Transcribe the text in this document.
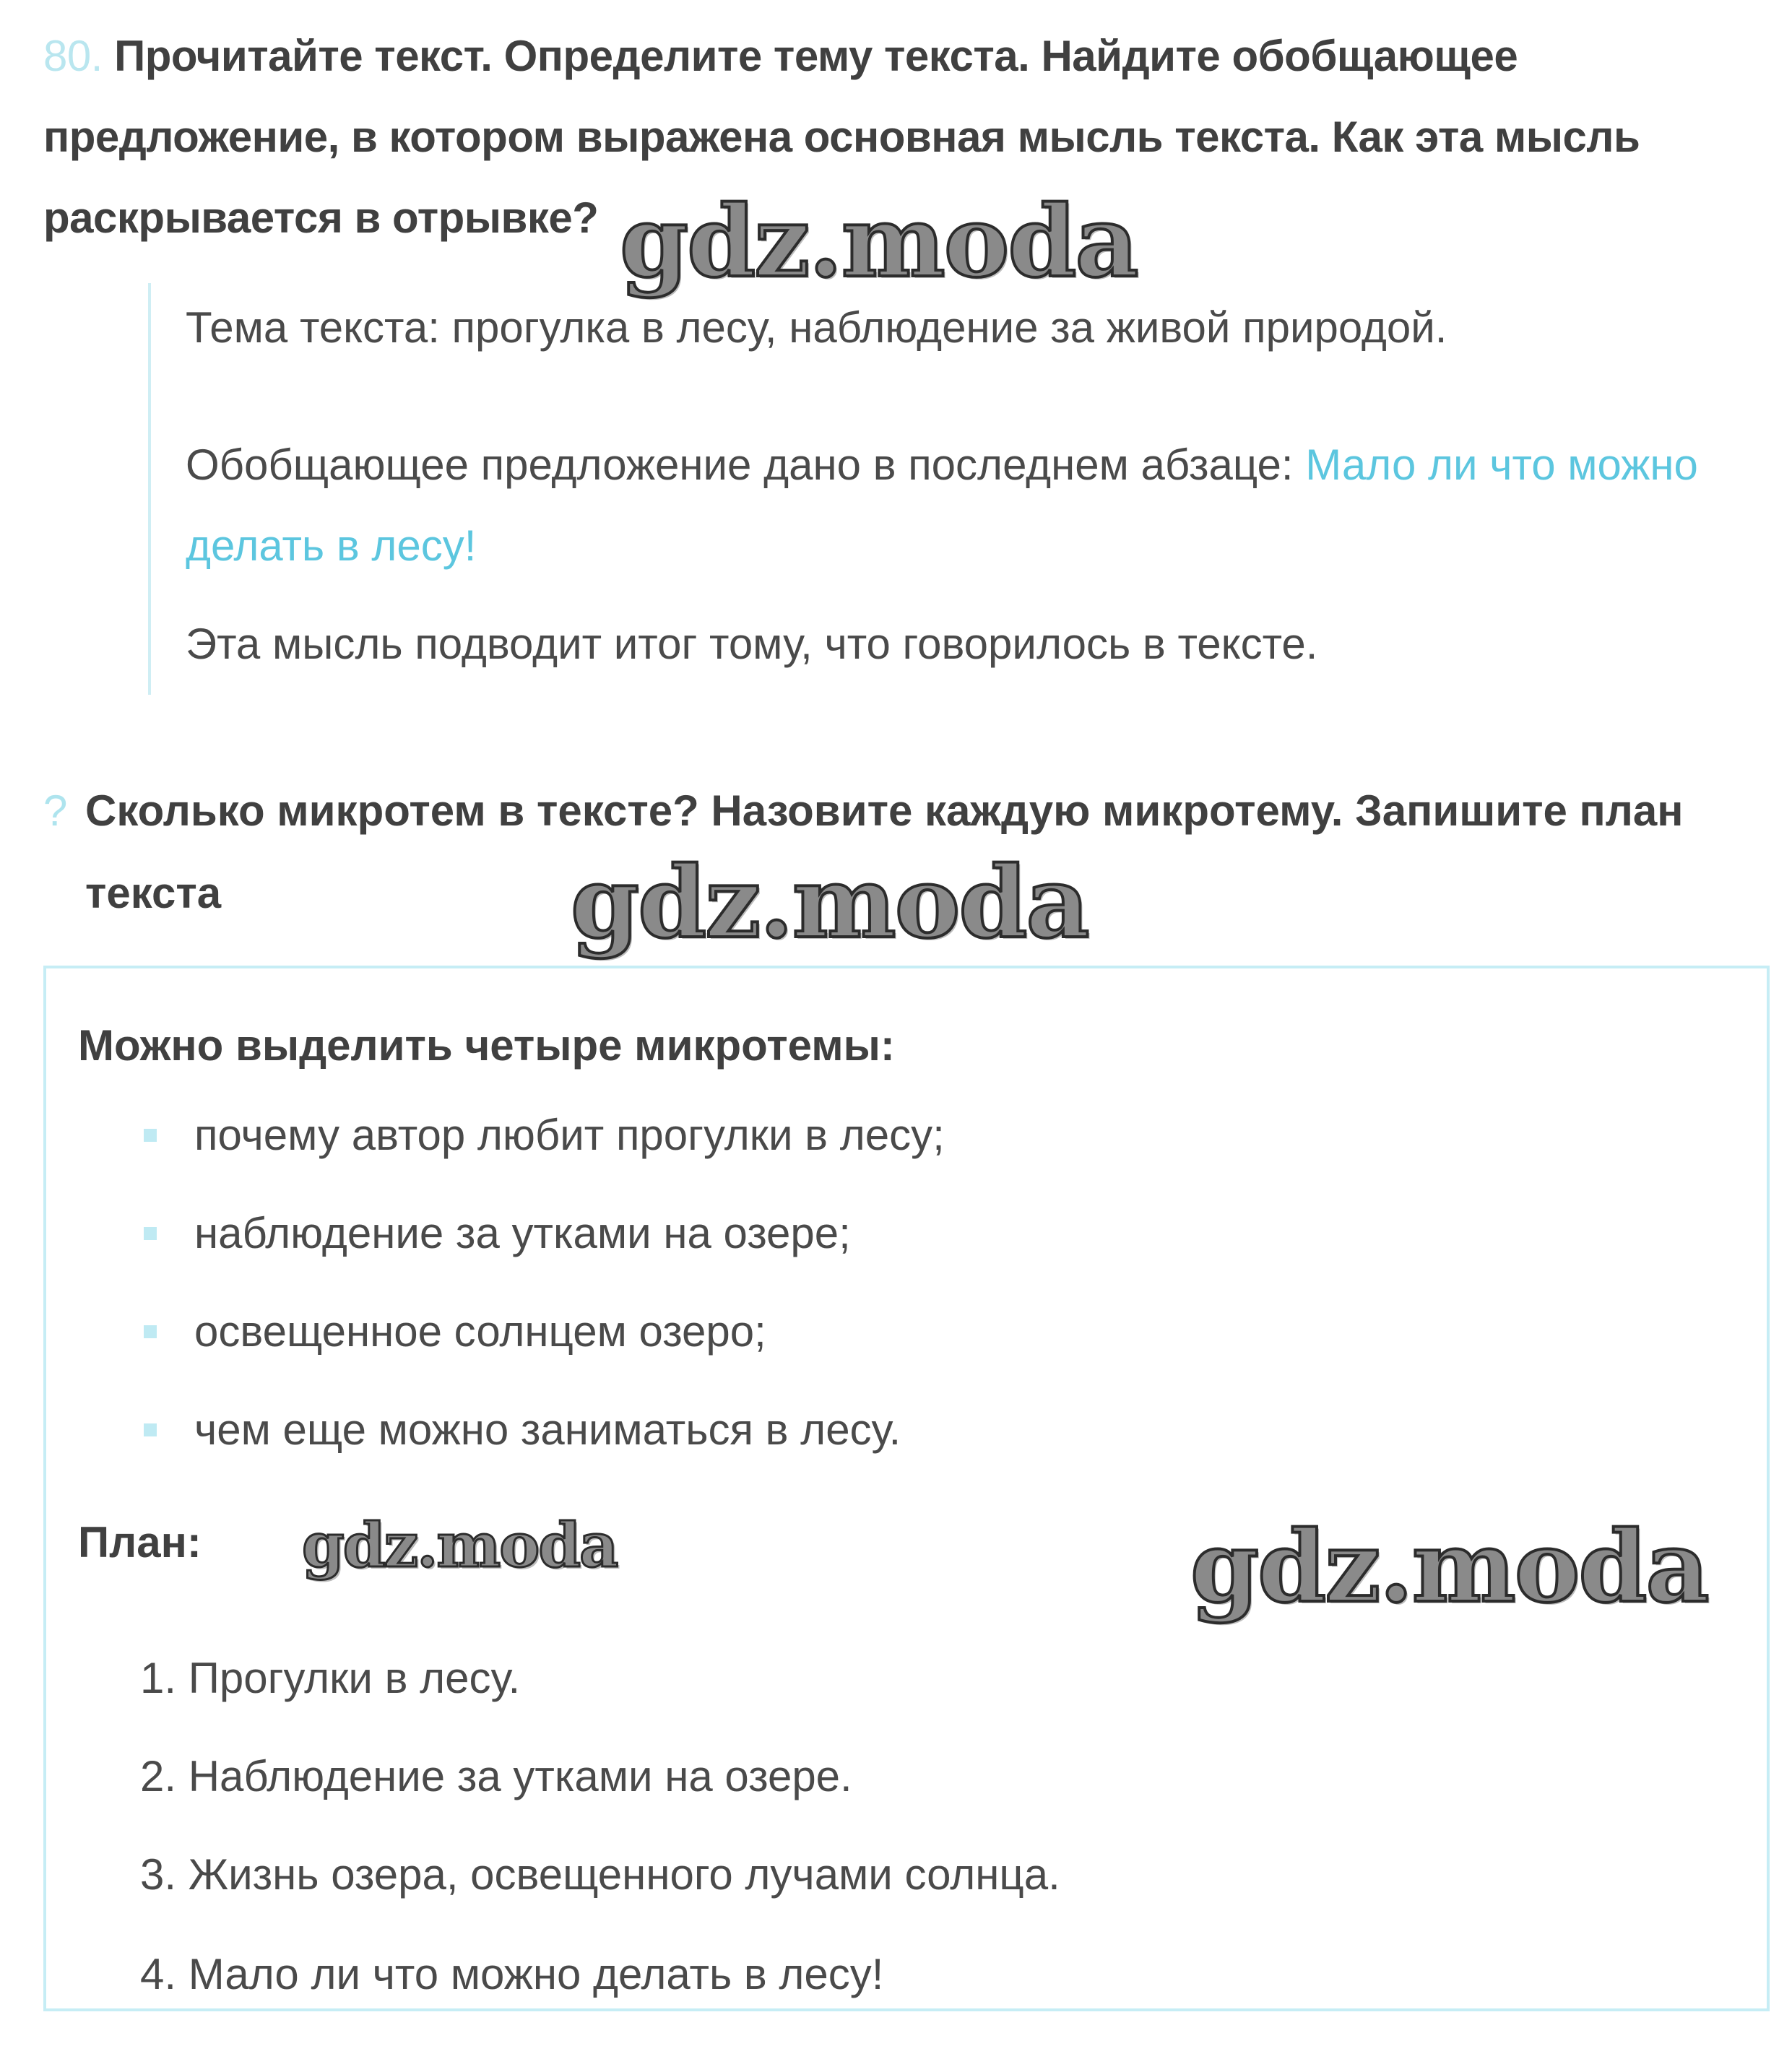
80. Прочитайте текст. Определите тему текста. Найдите обобщающее предложение, в котором выражена основная мысль текста. Как эта мысль раскрывается в отрывке?

Тема текста: прогулка в лесу, наблюдение за живой природой.

Обобщающее предложение дано в последнем абзаце: Мало ли что можно делать в лесу!

Эта мысль подводит итог тому, что говорилось в тексте.

? Сколько микротем в тексте? Назовите каждую микротему. Запишите план
текста
Можно выделить четыре микротемы:
почему автор любит прогулки в лесу;
наблюдение за утками на озере;
освещенное солнцем озеро;
чем еще можно заниматься в лесу.
План:
1. Прогулки в лесу.
2. Наблюдение за утками на озере.
3. Жизнь озера, освещенного лучами солнца.
4. Мало ли что можно делать в лесу!
gdz.moda
gdz.moda
gdz.moda	gdz.moda
